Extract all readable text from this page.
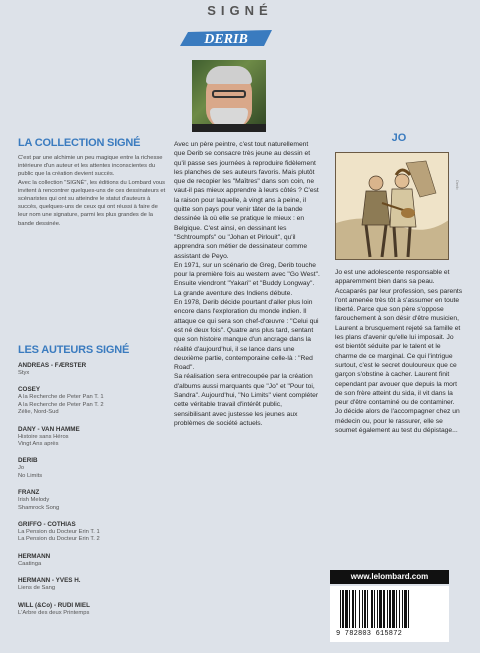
SIGNÉ
DERIB
LA COLLECTION SIGNÉ

C'est par une alchimie un peu magique entre la richesse intérieure d'un auteur et les attentes inconscientes du public que la création devient succès.

Avec la collection "SIGNÉ", les éditions du Lombard vous invitent à rencontrer quelques-uns de ces dessinateurs et scénaristes qui ont su atteindre le statut d'auteurs à succès, quelques-uns de ceux qui ont réussi à faire de leur nom une signature, parmi les plus grandes de la bande dessinée.

LES AUTEURS SIGNÉ
ANDREAS - FÆRSTER
Styx
COSEY
A la Recherche de Peter Pan T. 1
A la Recherche de Peter Pan T. 2
Zélie, Nord-Sud
DANY - VAN HAMME
Histoire sans Héros
Vingt Ans après
DERIB
Jo
No Limits
FRANZ
Irish Melody
Shamrock Song
GRIFFO - COTHIAS
La Pension du Docteur Erin T. 1
La Pension du Docteur Erin T. 2
HERMANN
Caatinga
HERMANN - YVES H.
Liens de Sang
WILL (&Co) - RUDI MIEL
L'Arbre des deux Printemps

Avec un père peintre, c'est tout naturellement que Derib se consacre très jeune au dessin et qu'il passe ses journées à reproduire fidèlement les planches de ses auteurs favoris. Mais plutôt que de recopier les "Maîtres" dans son coin, ne vaut-il pas mieux apprendre à leurs côtés ? C'est la raison pour laquelle, à vingt ans à peine, il quitte son pays pour venir tâter de la bande dessinée là où elle se pratique le mieux : en Belgique. C'est ainsi, en dessinant les "Schtroumpfs" ou "Johan et Pirlouit", qu'il apprendra son métier de dessinateur comme assistant de Peyo.

En 1971, sur un scénario de Greg, Derib touche pour la première fois au western avec "Go West". Ensuite viendront "Yakari" et "Buddy Longway". La grande aventure des Indiens débute.

En 1978, Derib décide pourtant d'aller plus loin encore dans l'exploration du monde indien. Il attaque ce qui sera son chef-d'œuvre : "Celui qui est né deux fois". Quatre ans plus tard, sentant que son histoire manque d'un ancrage dans la réalité d'aujourd'hui, il se lance dans une deuxième partie, contemporaine celle-là : "Red Road".

Sa réalisation sera entrecoupée par la création d'albums aussi marquants que "Jo" et "Pour toi, Sandra". Aujourd'hui, "No Limits" vient compléter cette véritable travail d'intérêt public, sensibilisant avec justesse les jeunes aux problèmes de société actuels.

JO
Derib

Jo est une adolescente responsable et apparemment bien dans sa peau. Accaparés par leur profession, ses parents l'ont amenée très tôt à s'assumer en toute liberté. Parce que son père s'oppose farouchement à son désir d'être musicien, Laurent a brusquement rejeté sa famille et les plans d'avenir qu'elle lui imposait. Jo est bientôt séduite par le talent et le charme de ce marginal. Ce qui l'intrigue surtout, c'est le secret douloureux que ce garçon s'obstine à cacher. Laurent finit cependant par avouer que depuis la mort de son frère atteint du sida, il vit dans la peur d'être contaminé ou de contaminer. Jo décide alors de l'accompagner chez un médecin ou, pour le rassurer, elle se soumet également au test du dépistage...

www.lelombard.com
9 782803 615872
